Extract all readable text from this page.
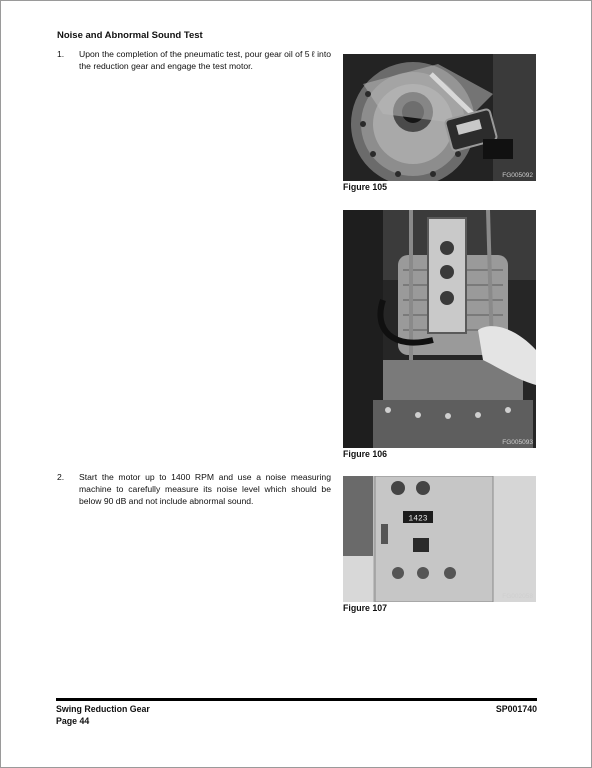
Noise and Abnormal Sound Test
1. Upon the completion of the pneumatic test, pour gear oil of 5 ℓ into the reduction gear and engage the test motor.
2. Start the motor up to 1400 RPM and use a noise measuring machine to carefully measure its noise level which should be below 90 dB and not include abnormal sound.
FG005092
Figure 105
FG005093
Figure 106
1423
FG002058
Figure 107
Swing Reduction Gear
Page 44
SP001740
